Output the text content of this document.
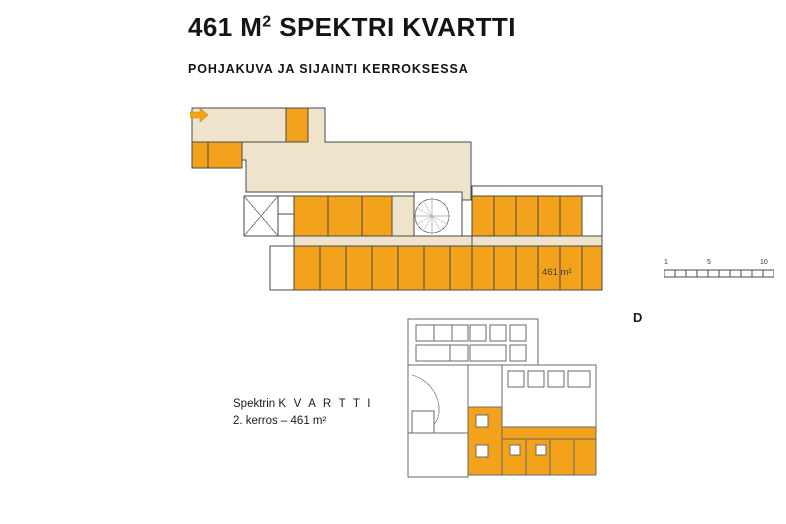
461 $M^2$ SPEKTRI KVARTTI
POHJAKUVA JA SIJAINTI KERROKSESSA
461 m²
D
1	5	10
Spektrin K V A R T T I
2. kerros – 461 m²
